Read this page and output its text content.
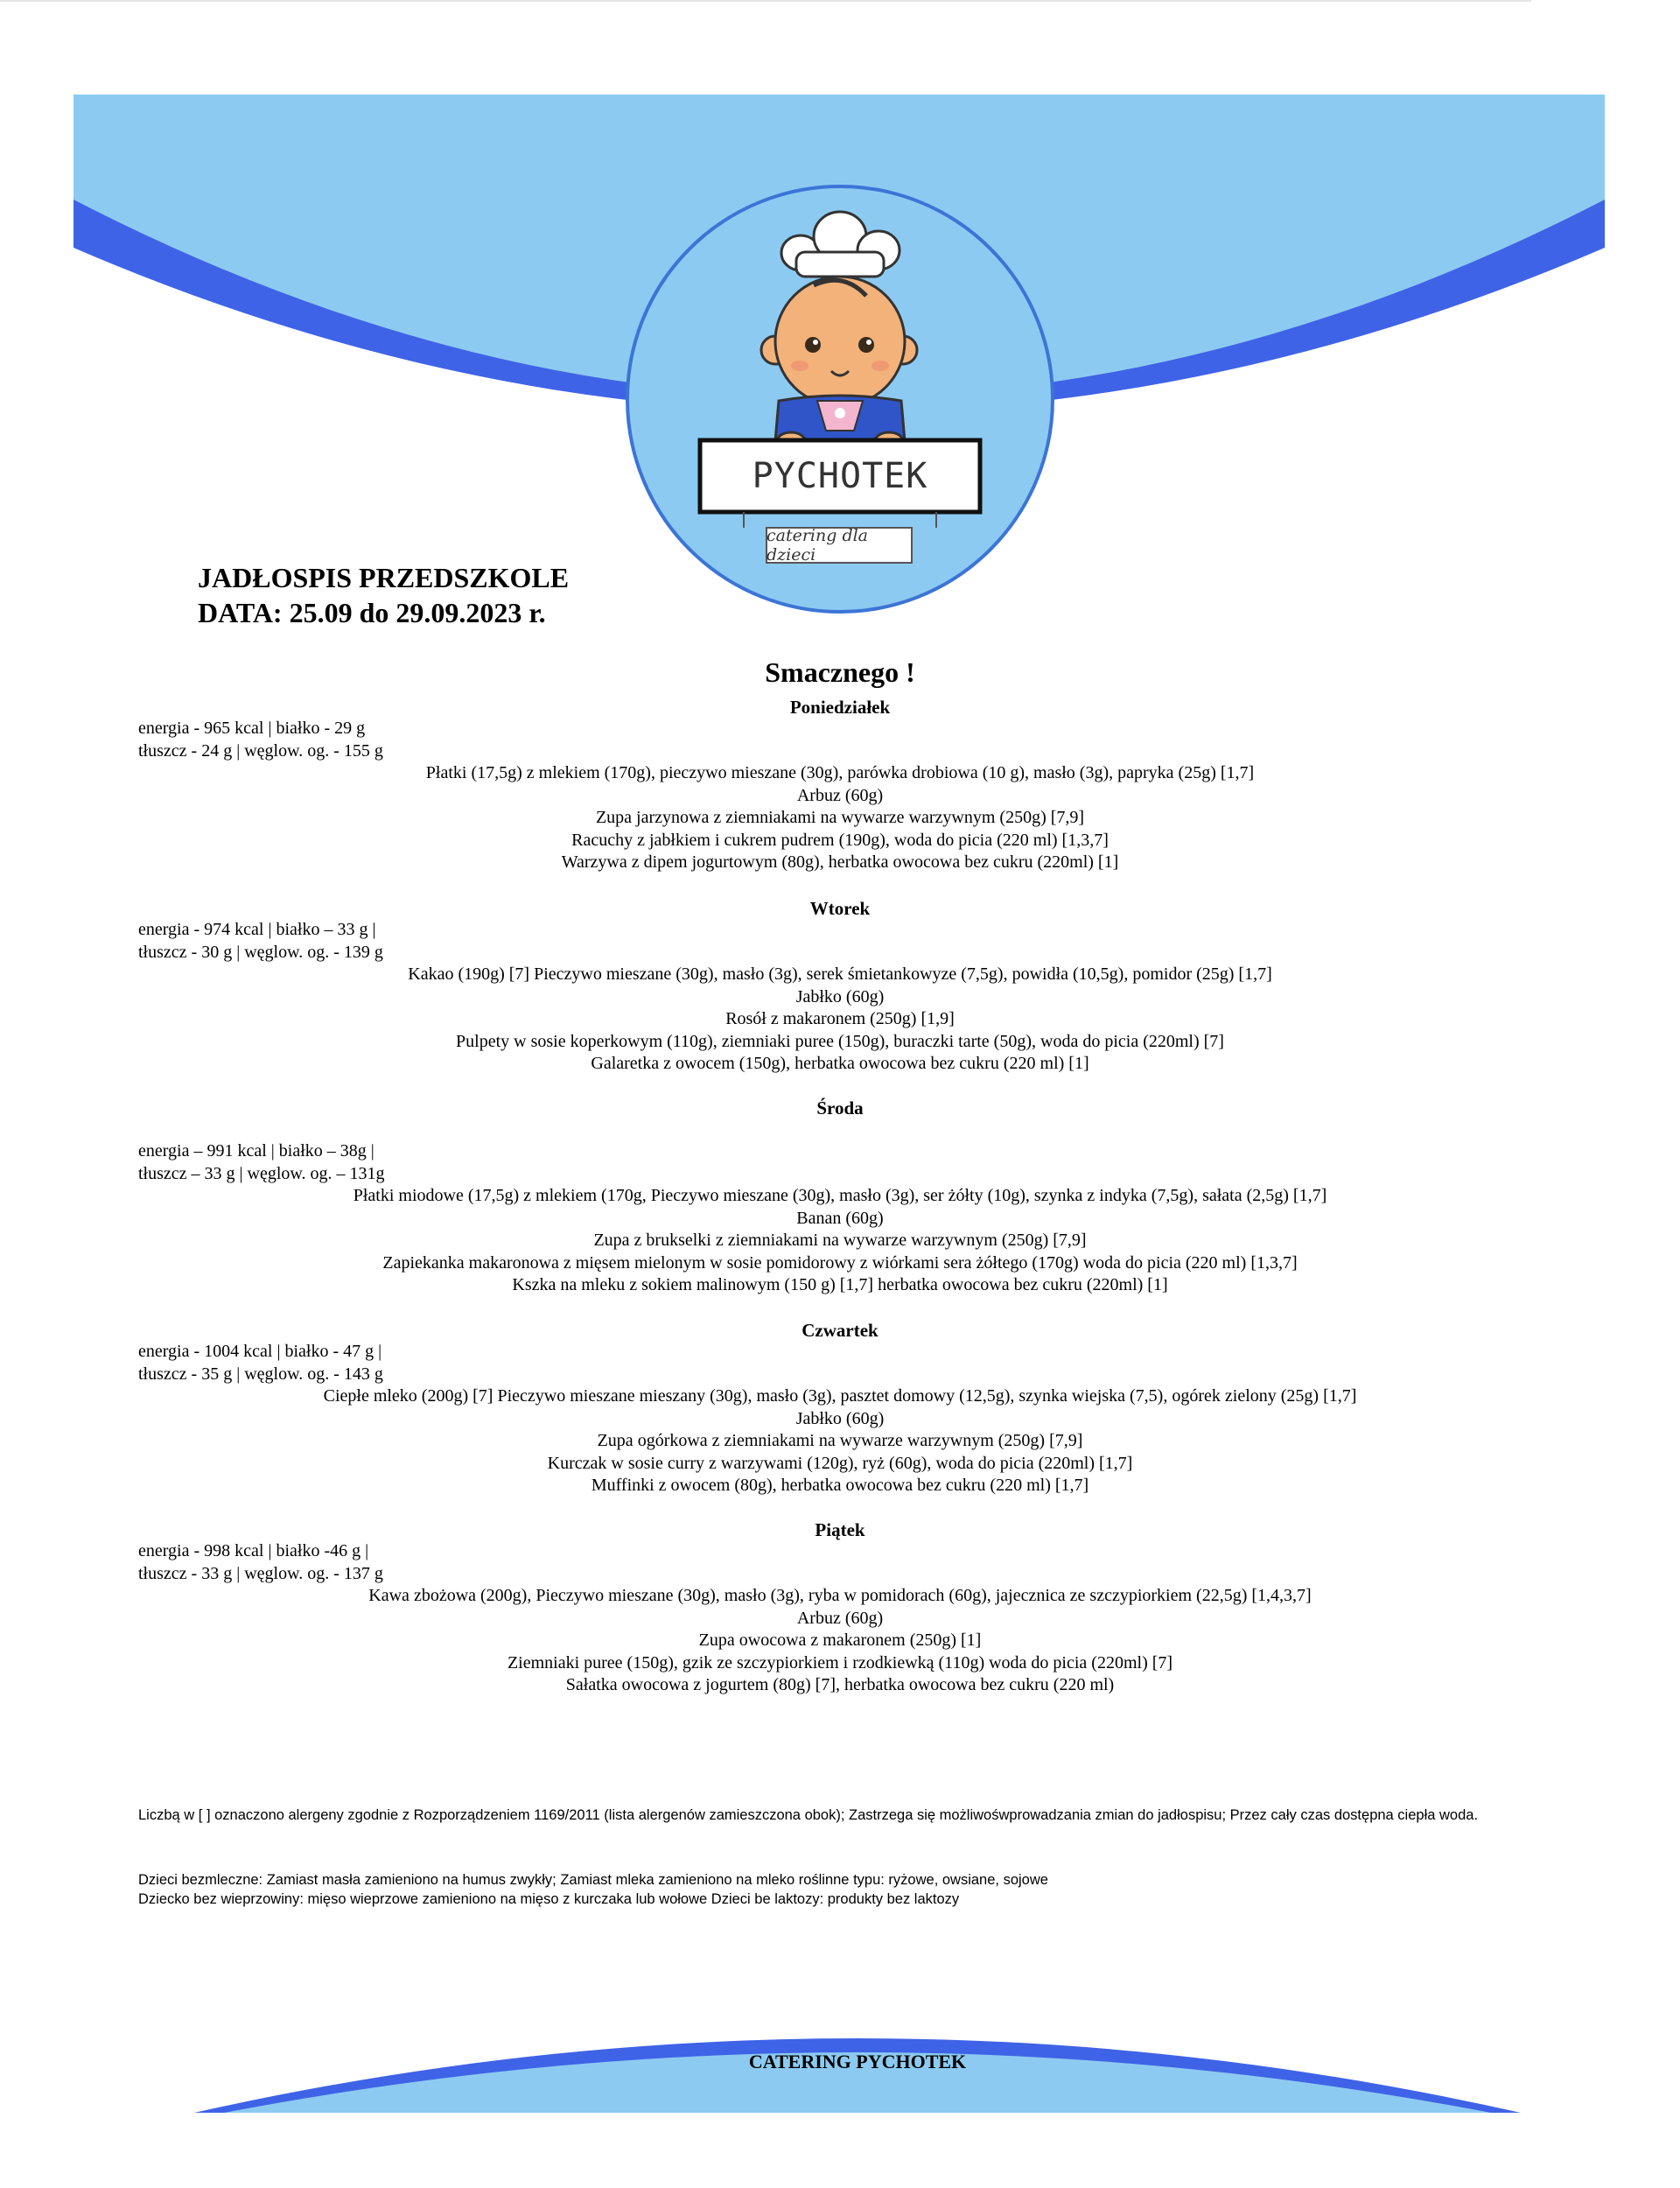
PYCHOTEK
catering dla dzieci
JADŁOSPIS PRZEDSZKOLE
DATA: 25.09 do 29.09.2023 r.
Smacznego !
Poniedziałek
energia - 965 kcal | białko - 29 g
tłuszcz - 24 g | węglow. og. - 155 g
Płatki (17,5g) z mlekiem (170g), pieczywo mieszane (30g), parówka drobiowa (10 g), masło (3g), papryka (25g) [1,7]
Arbuz (60g)
Zupa jarzynowa z ziemniakami na wywarze warzywnym (250g) [7,9]
Racuchy z jabłkiem i cukrem pudrem (190g), woda do picia (220 ml) [1,3,7]
Warzywa z dipem jogurtowym (80g), herbatka owocowa bez cukru (220ml) [1]
Wtorek
energia - 974 kcal | białko – 33 g |
tłuszcz - 30 g | węglow. og. - 139 g
Kakao (190g) [7] Pieczywo mieszane (30g), masło (3g), serek śmietankowyze (7,5g), powidła (10,5g), pomidor (25g) [1,7]
Jabłko (60g)
Rosół z makaronem (250g) [1,9]
Pulpety w sosie koperkowym (110g), ziemniaki puree (150g), buraczki tarte (50g), woda do picia (220ml) [7]
Galaretka z owocem (150g), herbatka owocowa bez cukru (220 ml) [1]
Środa
energia – 991 kcal | białko – 38g |
tłuszcz – 33 g | węglow. og. – 131g
Płatki miodowe (17,5g) z mlekiem (170g, Pieczywo mieszane (30g), masło (3g), ser żółty (10g), szynka z indyka (7,5g), sałata (2,5g) [1,7]
Banan (60g)
Zupa z brukselki z ziemniakami na wywarze warzywnym (250g) [7,9]
Zapiekanka makaronowa z mięsem mielonym w sosie pomidorowy z wiórkami sera żółtego (170g) woda do picia (220 ml) [1,3,7]
Kszka na mleku z sokiem malinowym (150 g) [1,7] herbatka owocowa bez cukru (220ml) [1]
Czwartek
energia - 1004 kcal | białko - 47 g |
tłuszcz - 35 g | węglow. og. - 143 g
Ciepłe mleko (200g) [7] Pieczywo mieszane mieszany (30g), masło (3g), pasztet domowy (12,5g), szynka wiejska (7,5), ogórek zielony (25g) [1,7]
Jabłko (60g)
Zupa ogórkowa z ziemniakami na wywarze warzywnym (250g) [7,9]
Kurczak w sosie curry z warzywami (120g), ryż (60g), woda do picia (220ml) [1,7]
Muffinki z owocem (80g), herbatka owocowa bez cukru (220 ml) [1,7]
Piątek
energia - 998 kcal | białko -46 g |
tłuszcz - 33 g | węglow. og. - 137 g
Kawa zbożowa (200g), Pieczywo mieszane (30g), masło (3g), ryba w pomidorach (60g), jajecznica ze szczypiorkiem (22,5g) [1,4,3,7]
Arbuz (60g)
Zupa owocowa z makaronem (250g) [1]
Ziemniaki puree (150g), gzik ze szczypiorkiem i rzodkiewką (110g) woda do picia (220ml) [7]
Sałatka owocowa z jogurtem (80g) [7], herbatka owocowa bez cukru (220 ml)
Liczbą w [ ] oznaczono alergeny zgodnie z Rozporządzeniem 1169/2011 (lista alergenów zamieszczona obok); Zastrzega się możliwośwprowadzania zmian do jadłospisu; Przez cały czas dostępna ciepła woda.
Dzieci bezmleczne: Zamiast masła zamieniono na humus zwykły; Zamiast mleka zamieniono na mleko roślinne typu: ryżowe, owsiane, sojowe
Dziecko bez wieprzowiny: mięso wieprzowe zamieniono na mięso z kurczaka lub wołowe Dzieci be laktozy: produkty bez laktozy
CATERING PYCHOTEK
